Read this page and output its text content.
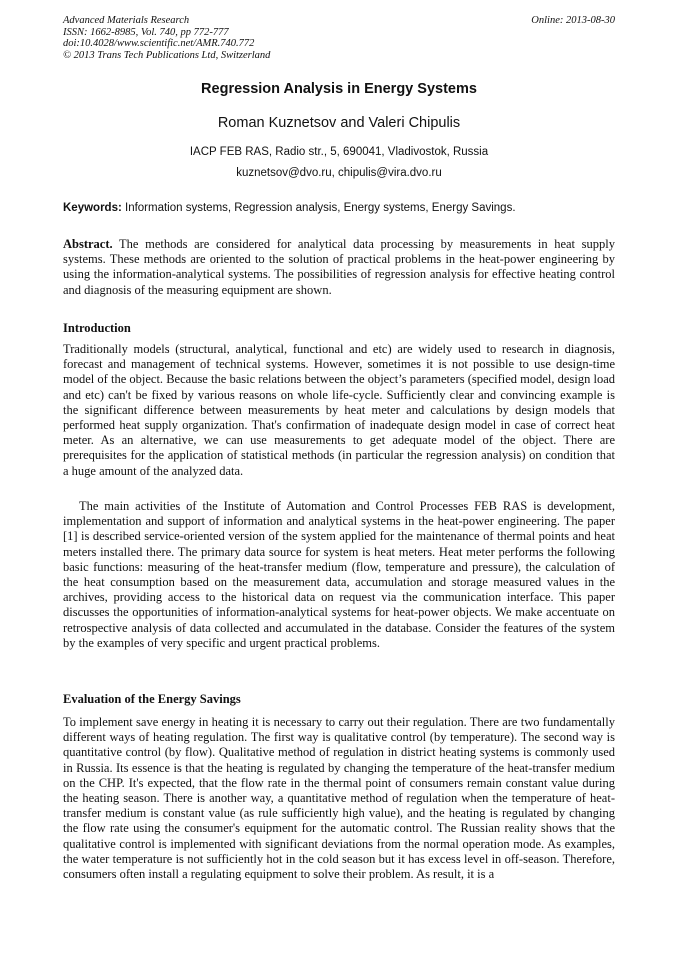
Advanced Materials Research
ISSN: 1662-8985, Vol. 740, pp 772-777
doi:10.4028/www.scientific.net/AMR.740.772
© 2013 Trans Tech Publications Ltd, Switzerland
Online: 2013-08-30
Regression Analysis in Energy Systems
Roman Kuznetsov and Valeri Chipulis
IACP FEB RAS, Radio str., 5, 690041, Vladivostok, Russia
kuznetsov@dvo.ru, chipulis@vira.dvo.ru
Keywords: Information systems, Regression analysis, Energy systems, Energy Savings.

Abstract. The methods are considered for analytical data processing by measurements in heat supply systems. These methods are oriented to the solution of practical problems in the heat-power engineering by using the information-analytical systems. The possibilities of regression analysis for effective heating control and diagnosis of the measuring equipment are shown.

Introduction

Traditionally models (structural, analytical, functional and etc) are widely used to research in diagnosis, forecast and management of technical systems. However, sometimes it is not possible to use design-time model of the object. Because the basic relations between the object’s parameters (specified model, design load and etc) can't be fixed by various reasons on whole life-cycle. Sufficiently clear and convincing example is the significant difference between measurements by heat meter and calculations by design models that performed heat supply organization. That's confirmation of inadequate design model in case of correct heat meter. As an alternative, we can use measurements to get adequate model of the object. There are prerequisites for the application of statistical methods (in particular the regression analysis) on condition that a huge amount of the analyzed data.

The main activities of the Institute of Automation and Control Processes FEB RAS is development, implementation and support of information and analytical systems in the heat-power engineering. The paper [1] is described service-oriented version of the system applied for the maintenance of thermal points and heat meters installed there. The primary data source for system is heat meters. Heat meter performs the following basic functions: measuring of the heat-transfer medium (flow, temperature and pressure), the calculation of the heat consumption based on the measurement data, accumulation and storage measured values in the archives, providing access to the historical data on request via the communication interface. This paper discusses the opportunities of information-analytical systems for heat-power objects. We make accentuate on retrospective analysis of data collected and accumulated in the database. Consider the features of the system by the examples of very specific and urgent practical problems.

Evaluation of the Energy Savings

To implement save energy in heating it is necessary to carry out their regulation. There are two fundamentally different ways of heating regulation. The first way is qualitative control (by temperature). The second way is quantitative control (by flow). Qualitative method of regulation in district heating systems is commonly used in Russia. Its essence is that the heating is regulated by changing the temperature of the heat-transfer medium on the CHP. It's expected, that the flow rate in the thermal point of consumers remain constant value during the heating season. There is another way, a quantitative method of regulation when the temperature of heat-transfer medium is constant value (as rule sufficiently high value), and the heating is regulated by changing the flow rate using the consumer's equipment for the automatic control. The Russian reality shows that the qualitative control is implemented with significant deviations from the normal operation mode. As examples, the water temperature is not sufficiently hot in the cold season but it has excess level in off-season. Therefore, consumers often install a regulating equipment to solve their problem. As result, it is a
